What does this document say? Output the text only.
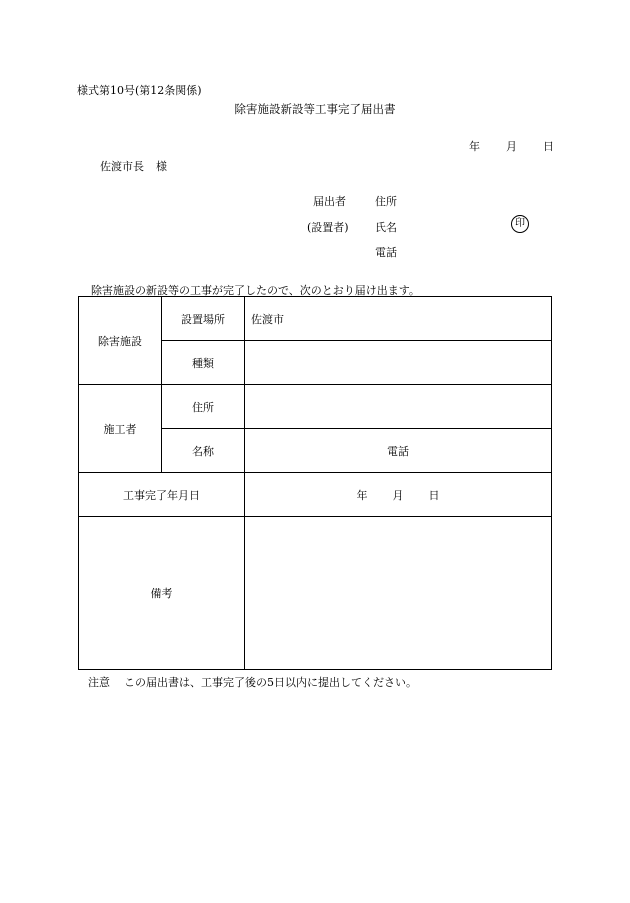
様式第10号(第12条関係)
除害施設新設等工事完了届出書
年 月 日
佐渡市長 様
届出者
(設置者)
住所
氏名
電話
印
除害施設の新設等の工事が完了したので、次のとおり届け出ます。
除害施設	設置場所	佐渡市
	種類	
施工者	住所	
	名称	電話
工事完了年月日		年 月 日
備考		
注意 この届出書は、工事完了後の5日以内に提出してください。
